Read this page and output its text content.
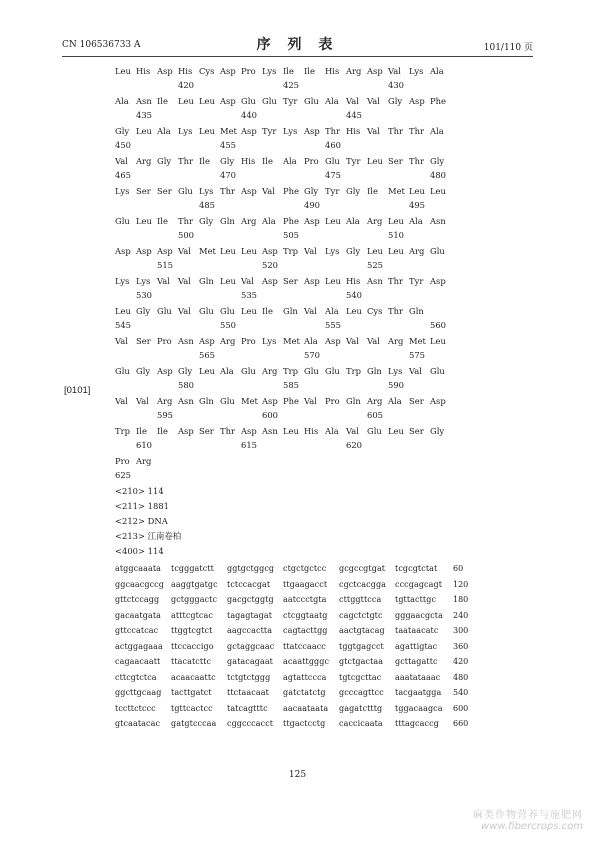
CN 106536733 A	序 列 表	101/110 页
[0101]
Leu His Asp His Cys Asp Pro Lys Ile	Ile	His Arg Asp Val Lys Ala
420	425	430
Ala Asn Ile	Leu Leu Asp Glu Glu Tyr Glu Ala Val Val Gly Asp Phe
435	440	445
Gly Leu Ala Lys Leu Met Asp Tyr Lys Asp Thr His Val Thr Thr Ala
450	455	460
Val Arg Gly Thr Ile	Gly His Ile	Ala Pro Glu Tyr Leu Ser Thr Gly
465	470	475	480
Lys Ser Ser Glu Lys Thr Asp Val Phe Gly Tyr Gly Ile	Met Leu Leu
485	490	495
Glu Leu Ile	Thr Gly Gln Arg Ala Phe Asp Leu Ala Arg Leu Ala Asn
500	505	510
Asp Asp Asp Val Met Leu Leu Asp Trp Val Lys Gly Leu Leu Arg Glu
515	520	525
Lys Lys Val Val Gln Leu Val Asp Ser Asp Leu His Asn Thr Tyr Asp
530	535	540
Leu Gly Glu Val Glu Glu Leu Ile	Gln Val Ala Leu Cys Thr Gln
545	550	555	560
Val Ser Pro Asn Asp Arg Pro Lys Met Ala Asp Val Val Arg Met Leu
565	570	575
Glu Gly Asp Gly Leu Ala Glu Arg Trp Glu Glu Trp Gln Lys Val Glu
580	585	590
Val Val Arg Asn Gln Glu Met Asp Phe Val Pro Gln Arg Ala Ser Asp
595	600	605
Trp Ile	Ile	Asp Ser Thr Asp Asn Leu His Ala Val Glu Leu Ser Gly
610	615	620
Pro Arg
625
<210> 114
<211> 1881
<212> DNA
<213> 江南卷柏
<400> 114
atggcaaata	tcgggatctt	ggtgctggcg	ctgctgctcc	gcgccgtgat	tcgcgtctat	60
ggcaacgccg aaggtgatgc	tctccacgat	ttgaagacct	cgctcacgga	cccgagcagt	120
gttctccagg	gctgggactc	gacgctggtg	aatccctgta	cttggttcca	tgttacttgc	180
gacaatgata	atttcgtcac	tagagtagat	ctcggtaatg	cagctctgtc	gggaacgcta	240
gttccatcac	ttggtcgtct	aagccactta	cagtacttgg	aactgtacag	taataacatc	300
actggagaaa	ttccaccigo	gctaggcaac	ttatccaacc	tggtgagcct	agattigtac	360
cagaacaatt	ttacatcttc	gatacagaat	acaattgggc	gtctgactaa	gcttagattc	420
cttcgtctca	acaacaattc	tctgtctggg	agtattccca	tgtcgcttac	aaatataaac	480
ggcttgcaag	tacttgatct	ttctaacaat	gatctatctg	gcccagttcc	tacgaatgga	540
tccttctccc	tgttcactcc	tatcagtttc	aacaataata	gagatctttg	tggacaagca	600
gtcaatacac	gatgtcccaa	cggcccacct	ttgactcctg	caccicaata	tttagcaccg	660
125
麻类作物营养与施肥网
www.fibercrops.com
